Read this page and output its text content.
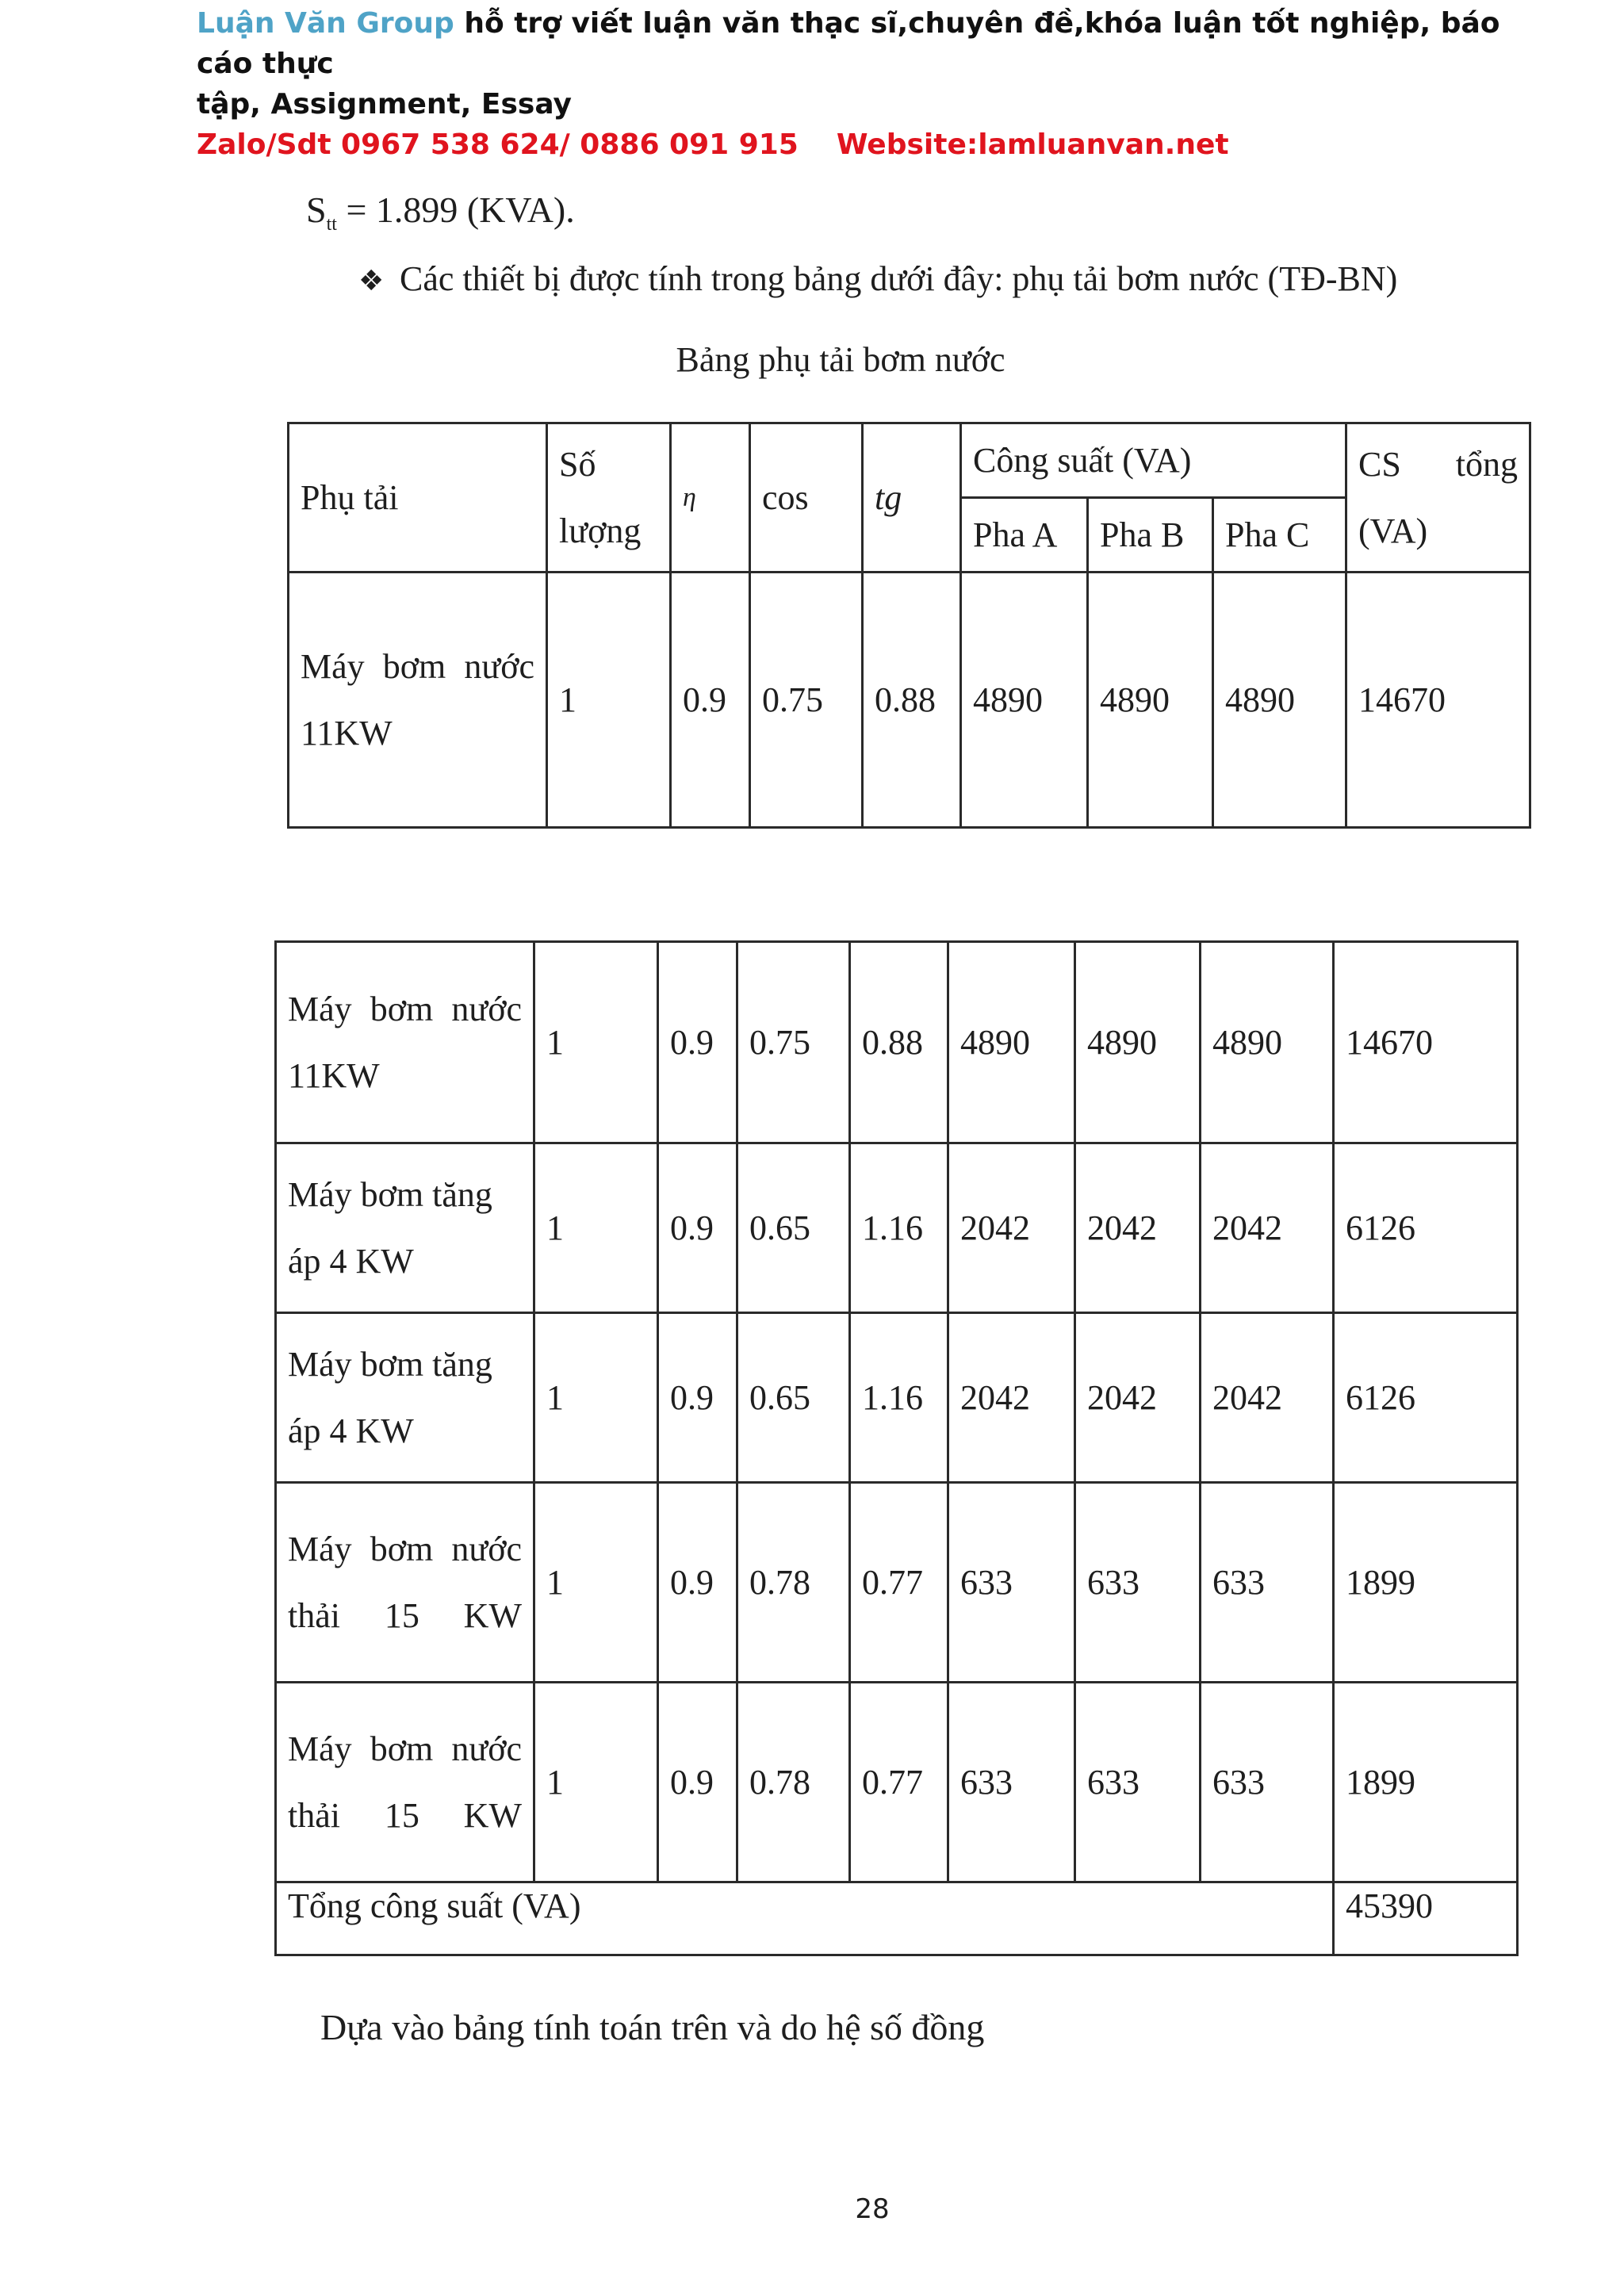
Luận Văn Group hỗ trợ viết luận văn thạc sĩ,chuyên đề,khóa luận tốt nghiệp, báo cáo thực
tập, Assignment, Essay
Zalo/Sdt 0967 538 624/ 0886 091 915 Website:lamluanvan.net
$S_{tt} = 1.899$ (KVA).
❖ Các thiết bị được tính trong bảng dưới đây: phụ tải bơm nước (TĐ-BN)
Bảng phụ tải bơm nước
Phụ tải	Số lượng	η	cos	tg	Công suất (VA)			CS tổng (VA)
					Pha A	Pha B	Pha C	
Máy bơm nước 11KW	1	0.9	0.75	0.88	4890	4890	4890	14670
Máy bơm nước 11KW	1	0.9	0.75	0.88	4890	4890	4890	14670
Máy bơm tăng áp 4 KW	1	0.9	0.65	1.16	2042	2042	2042	6126
Máy bơm tăng áp 4 KW	1	0.9	0.65	1.16	2042	2042	2042	6126
Máy bơm nước thải 15 KW	1	0.9	0.78	0.77	633	633	633	1899
Máy bơm nước thải 15 KW	1	0.9	0.78	0.77	633	633	633	1899
Tổng công suất (VA)								45390
Dựa vào bảng tính toán trên và do hệ số đồng
28
